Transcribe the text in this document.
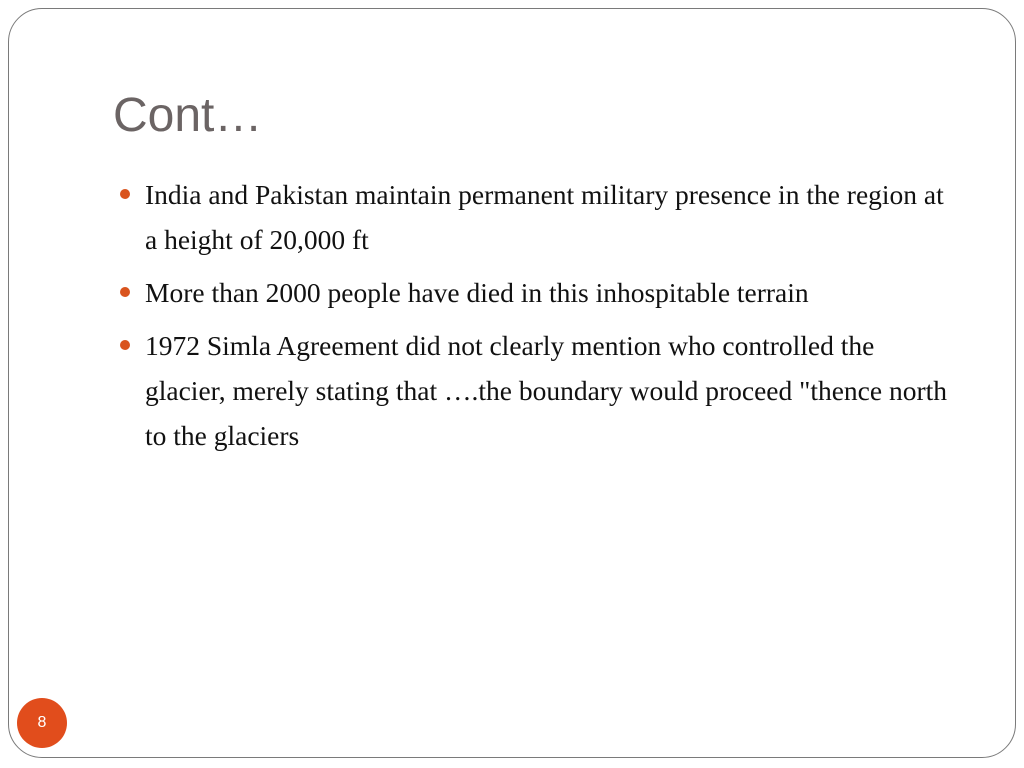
Cont…
India and Pakistan maintain permanent military presence in the region at a height of 20,000 ft
More than 2000 people have died in this inhospitable terrain
1972 Simla Agreement did not clearly mention who controlled the glacier, merely stating that ….the boundary would proceed "thence north to the glaciers
8
